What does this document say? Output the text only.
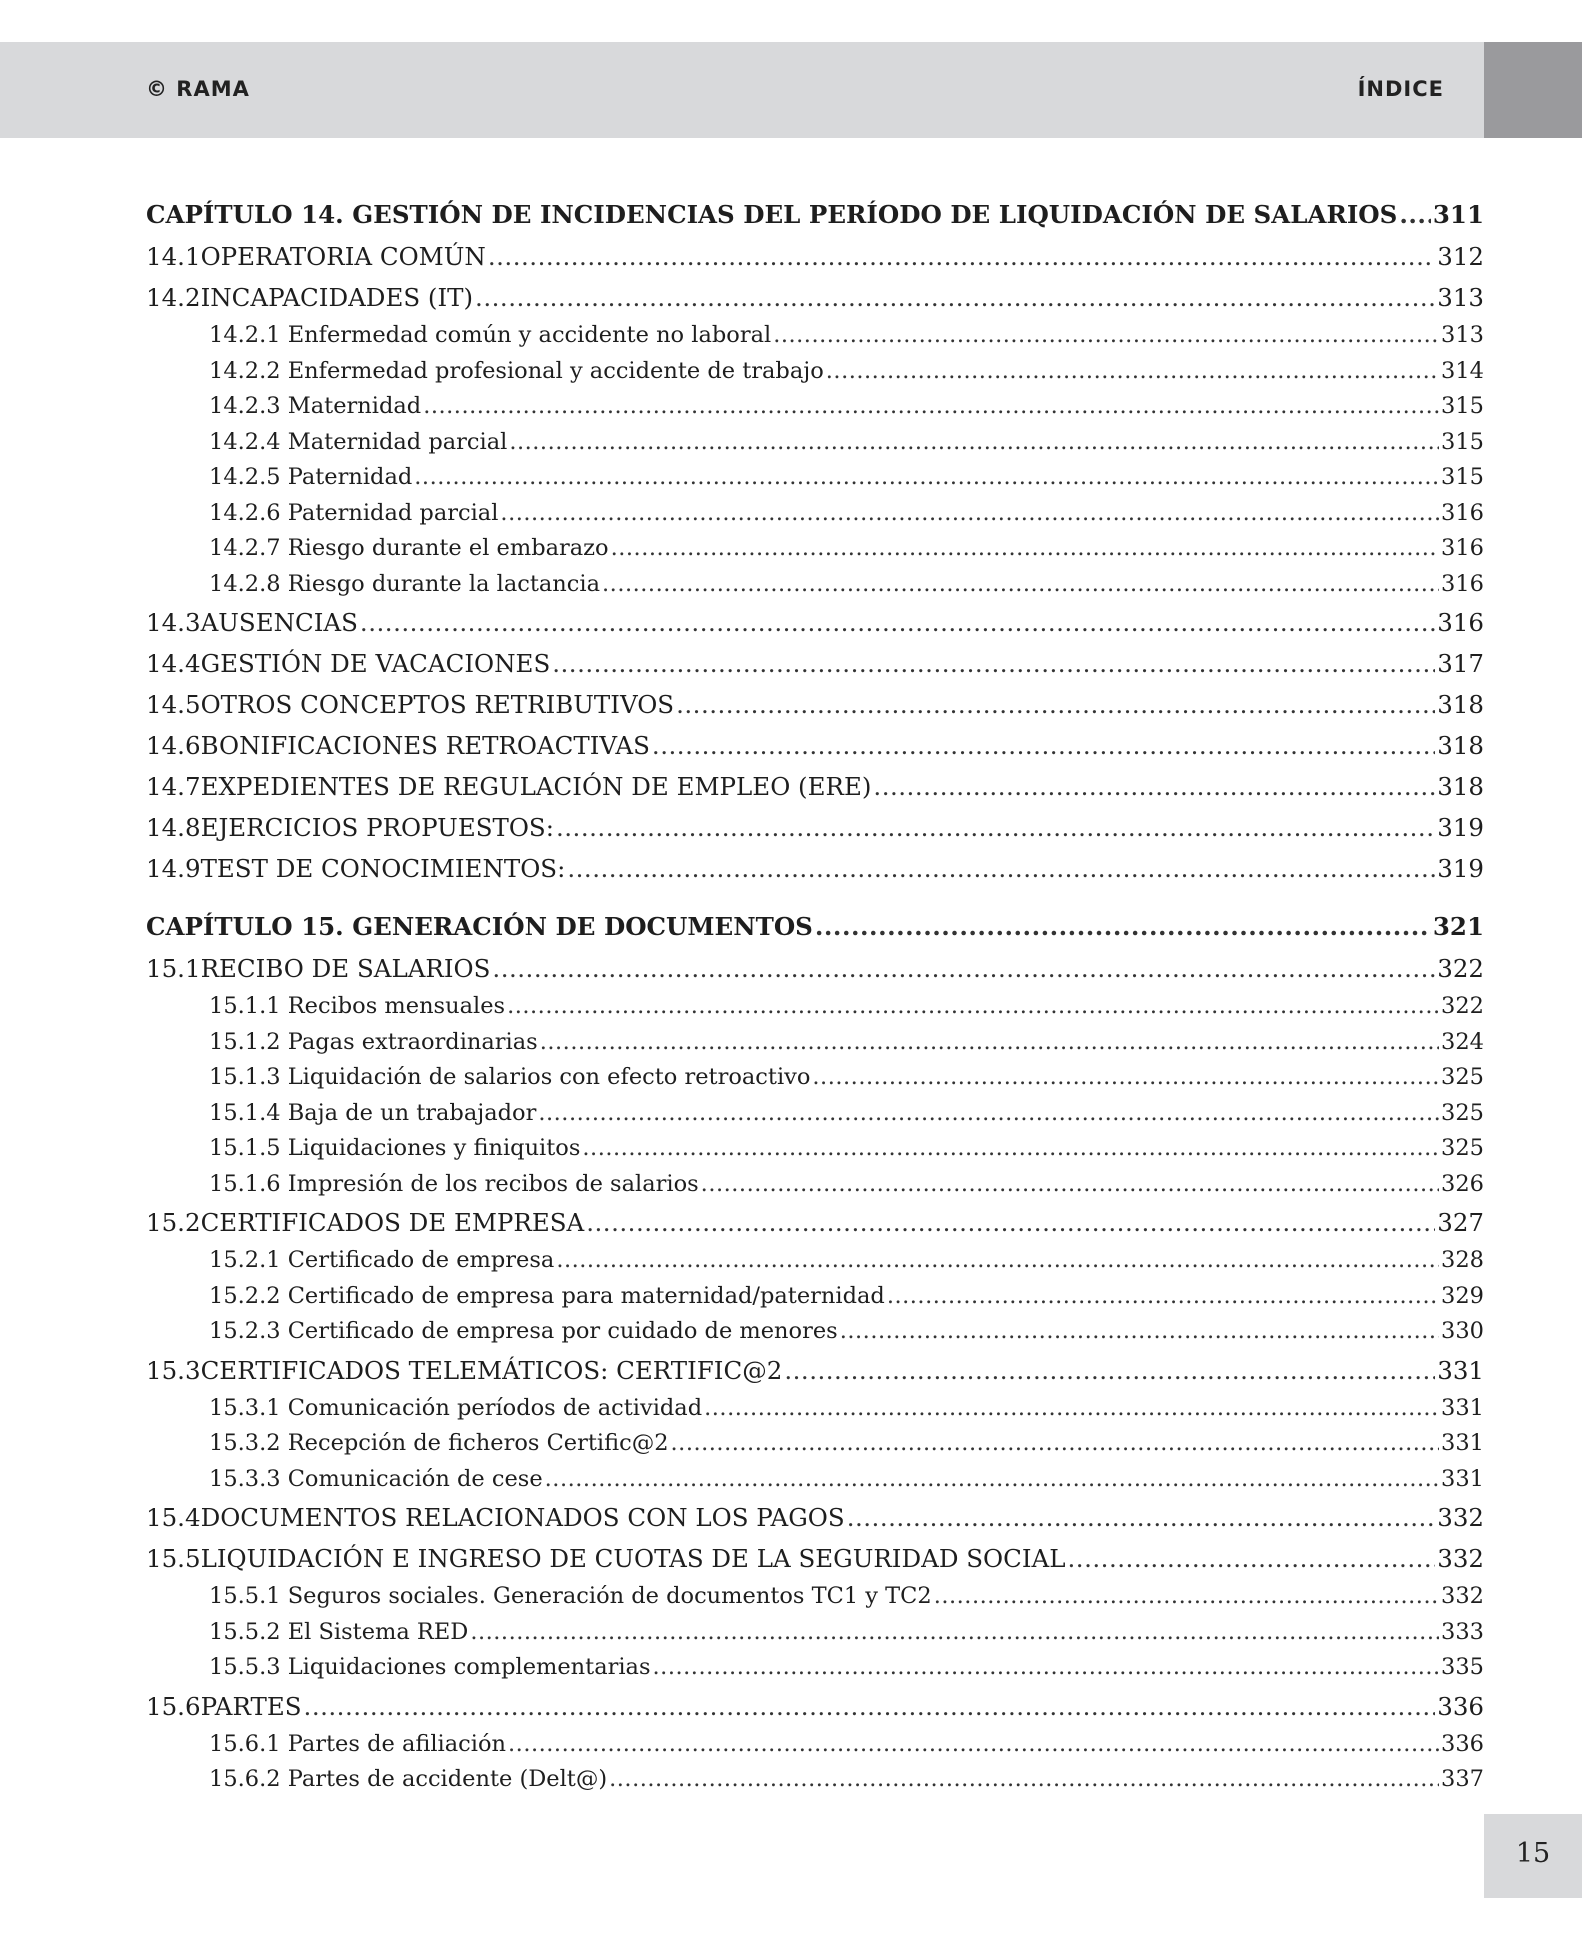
© RAMA	ÍNDICE
CAPÍTULO 14. GESTIÓN DE INCIDENCIAS DEL PERÍODO DE LIQUIDACIÓN DE SALARIOS ..... 311
14.1 OPERATORIA COMÚN .....	312
14.2 INCAPACIDADES (IT) .....	313
14.2.1 Enfermedad común y accidente no laboral .....	313
14.2.2 Enfermedad profesional y accidente de trabajo .....	314
14.2.3 Maternidad .....	315
14.2.4 Maternidad parcial .....	315
14.2.5 Paternidad .....	315
14.2.6 Paternidad parcial .....	316
14.2.7 Riesgo durante el embarazo .....	316
14.2.8 Riesgo durante la lactancia .....	316
14.3 AUSENCIAS .....	316
14.4 GESTIÓN DE VACACIONES .....	317
14.5 OTROS CONCEPTOS RETRIBUTIVOS .....	318
14.6 BONIFICACIONES RETROACTIVAS .....	318
14.7 EXPEDIENTES DE REGULACIÓN DE EMPLEO (ERE) .....	318
14.8 EJERCICIOS PROPUESTOS: .....	319
14.9 TEST DE CONOCIMIENTOS: .....	319
CAPÍTULO 15. GENERACIÓN DE DOCUMENTOS .....	321
15.1 RECIBO DE SALARIOS .....	322
15.1.1 Recibos mensuales .....	322
15.1.2 Pagas extraordinarias .....	324
15.1.3 Liquidación de salarios con efecto retroactivo .....	325
15.1.4 Baja de un trabajador .....	325
15.1.5 Liquidaciones y finiquitos .....	325
15.1.6 Impresión de los recibos de salarios .....	326
15.2 CERTIFICADOS DE EMPRESA .....	327
15.2.1 Certificado de empresa .....	328
15.2.2 Certificado de empresa para maternidad/paternidad .....	329
15.2.3 Certificado de empresa por cuidado de menores .....	330
15.3 CERTIFICADOS TELEMÁTICOS: CERTIFIC@2 .....	331
15.3.1 Comunicación períodos de actividad .....	331
15.3.2 Recepción de ficheros Certific@2 .....	331
15.3.3 Comunicación de cese .....	331
15.4 DOCUMENTOS RELACIONADOS CON LOS PAGOS .....	332
15.5 LIQUIDACIÓN E INGRESO DE CUOTAS DE LA SEGURIDAD SOCIAL .....	332
15.5.1 Seguros sociales. Generación de documentos TC1 y TC2 .....	332
15.5.2 El Sistema RED .....	333
15.5.3 Liquidaciones complementarias .....	335
15.6 PARTES .....	336
15.6.1 Partes de afiliación .....	336
15.6.2 Partes de accidente (Delt@) .....	337
15
